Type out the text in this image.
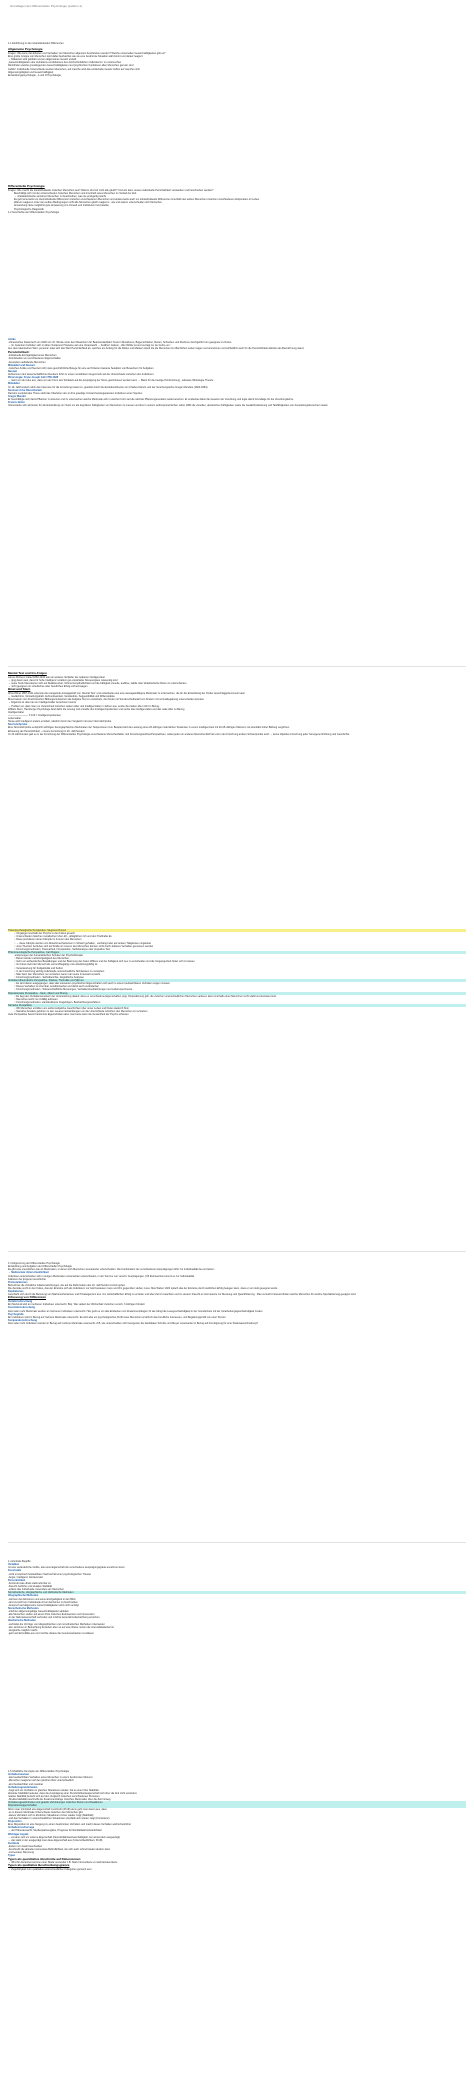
Grundlagen der Differentiellen Psychologie (Lektion 1)
1.1 Einführung in die intraindividuellen Differenzen
Allgemeine Psychologie
Fragen: Wie kann das Erleben und Verhalten von Menschen allgemein beschrieben werden? Welche universellen Gesetzmäßigkeiten gibt es?
Eine große Gruppe von Menschen wird dabei beobachtet wie sie eine bestimmte Situation wahrnimmt und darauf reagiert
→ Mittelwert wird gebildet und ein allgemeines Gesetz erstellt
„Gesetzmäßigkeiten des Verhaltens und Erlebens des durchschnittlichen Individuums“ zu untersuchen
Rückfinden welche grundlegenden Gesetzmäßigkeiten und psychischen Funktionen allen Menschen gemein sind
Gefahr: individuelle Unterschiede werden übersehen, auf manche wird das entwickelte Gesetz treffen auf manche nicht
Allgemeingültigkeit und Gesetzmäßigkeit
Entwicklungspsychologie , A und O Psychologie
Differentielle Psychologie
Fragen: Wie macht die intraindividuelle zwischen Menschen aus? Warum sind wir nicht alle gleich? Und wie kann unsere individuelle Persönlichkeit verstanden und beschrieben werden?
Beschäftigt sich mit den Unterschieden zwischen Menschen und innerhalb eines Menschen im Verlauf der Zeit.
→ charakteristische einzelner Menschen zu beschreiben, was sie einzigartig macht
Es geht einerseits um interindividuelle Differenzen zwischen verschiedenen Menschen und andererseits auch um intraindividuelle Differenzen innerhalb des selben Menschen zwischen verschiedenen Zeitpunkten im Leben.
Warum reagieren unter den selben Bedingungen nicht alle Menschen gleich reagieren , wie und warum unterscheiden sich Menschen
Anwendung: Eine möglichst gute Anpassung von Umwelt und Individuum herzustellen.
Psychologische Diagnostik
1.2 Geschichte der Differentiellen Psychologie
Antike
-chinesisches Kaiserreich um 2200 vor chr. Wurde unter dem Bewerbern für Beamtenlaufbahn Tests in Musizieren, Bogenschießen, Reiten, Schreiben und Rechnen durchgeführt um geeignete zu finden.
→ Im Judentum befinden sich im Alten Testament Hinweise auf eine Vorauswahl → Feldherr Gideon „ Wer Wölde ist und verzagt ist, der kehre um “
Aus dem lateinischen Wort „persona“ leitet sich das Wort Persönlichkeit ab, welches am Anfang für die Rollen und Masken stand die die Menschen im öffentlichen Leben tragen und einnehmen und schließlich auch für die Persönlichkeit dahinter als Bezeichnung stand.
Persönlichkeit:
-Individuelle Einzigartigkeit eines Menschen
-Kombination von verschiedenen Eigenschaften
-besonders auffallende Menschen
Mittelalter und Neuzeit
-zwischen Antike und Neuzeit nicht viele geschichtliche Belege für eine auf Kriterien basierte Selektion von Bewerbern für Aufgaben
Neuzeit
Aufkommen des wissenschaftlichen Denkens führt zu einem verstärktem Augenmerk auf die Unterschiede zwischen den Individuen.
Phrenologie: Franz Joseph Gall 1758-1828
→ Geht von der Idee aus, dass von der Form des Schädels auf die Ausprägung der Sinne geschlossen werden kann → Basis für die heutige Hirnforschung , teilweise Widerlegte Theorie
Mittelalter
Im 19. Jahrhundert nahm das Interesse für die Forschung rasant zu, gestützt durch die Evolutionstheorie von Charles Darwin und der Vererbungslehre Gregor Mendels (1822-1884)
Survival of the fittest-Darwin
Darwins revolutionäre These stellt das Überleben der an ihre jeweilige Umwelt bestangepassten Individuen einer Spezies
Gregor Mendel
Er beschäftigte sich damit Pflanzen zu kreuzen und zu untersuchen welche Merkmale sich in welcher Form auf die nächste Pflanzengeneration weitervererben. Er entdeckte dabei die Gesetze der Vererbung und legte damit Grundlage für die Vererbungslehre.
Francis Gilton
Interessierte sich als Erster für die Entwicklung von Tests um die kognitiven Fähigkeiten von Menschen zu messen und lies in seinem anthropometrischen Labor 1884 die visuellen, akustischen Fähigkeiten sowie die Gedächtnisleistung und Tastfähigkeiten von Ausstellungsbesuchern testen
Mental Test und Iris-Folgen
James McKeen Cattel 1860-1944 war ein weiterer Vorläufer der späteren Intelligenztest
→ ging davon aus, dass für hohe Intelligenz vorallem gut entwickelte Sinnesorgane notwendig sind
→ seine Tests fokussierten sich auf Reaktionszeit, Schmerzempfindlichkeit und die Fähigkeit visuelle, auditive, taktile oder kinästhetische Reize zu unterscheiden
→ nicht geeignet um schulisches oder berufliches Erfolg vorherzusagen
Binet und Stern
Alfred Binet 1857-1911 erkannte die mangelnde Aussagekraft von „Mental Test“ und entwickelte eine eine aussagekräftigere Merkmale zu untersuchen, die für die Entwicklung der Kinder ausschlaggebend sein kann
→ Gedächtnis, Vorstellungskraft, Aufmerksamkeit, Verständnis, Suggestibilität und Willensstärke
Binet bekam vom Französischen Bildungsministerium die Aufgabe Test zu entwickeln, die Kinder mit Sonderschulbedarf von Kindern mit normalbegabung unterscheiden konnten
→ Ergebnis ist das man ein Intelligenzalter berechnen konnte
→ Problem ist, dass man nur Unterschied zwischen realem Alter und Intelligenzalter in Jahren aus, setzte die beiden aber nicht in Bezug.
William Stern, Hamburger Psychologe fand dafür die Lösung und erstellte den Intelligenzquotienten und setzte das Intelligenzalter und das reale Alter zu Bezug
Intelligenzalter
———————— X 100 = Intelligenzquotienten
Lebensalter
Heute wird Intelligenz anders ermittelt, nämlich durch den Vergleich mit einer Normstichprobe
Normstichprobe
Eine Normstichprobe entspricht wichtigen demographischen Merkmalen der Testpersonen zum Beispiel wird die Leistung eines 20-Jährigen männlichen Studenten in einem Intelligenztest mit 20-25-Jährigen Männern mit ebenfalls hoher Bildung verglichen
Erfassung der Persönlichkeit – neuere Forschung im 20. Jahrhundert
Im 20 Jahrhundert gab es in der Forschung der Differentiellen Psychologie verschiedene Menschenbilder und Forschungsströme/Perspektiven, wobei jeder ein anderes Menschenbild hat und in der Forschung andere Schwerpunkte setzt → keine objektive Forschung jeder hat eigene Richtung und Geschichte
Tiefenpsychologische Perspektive- Siegmund Freud
○ Vorgänge innerhalb der Psyche in den Fokus gesetzt
○ Unterschiedet zwischen moralischen Über-Ich-, alltäglichem Ich und den Triebhafte Es
○ Diese postulieren deren Kämpfe im Inneren des Menschen
○ → diese Kämpfe werden von Abwehrmechanismen in Schach gehalten , verdrängt oder auf andere Tätigkeiten umgeleitet
○ Jene Theorien beziehen sich auf Kräfte im Inneren des Menschen können nicht durch äußeres Verhalten gemessen werden
○ Forschungsmethoden: Traumarbeit, Introspektion, Selbstanalyse oder projektive Test
Phänomenologische Perspektive- Carl Rogers
-entsprungen der humanistischen Schulen der Psychotherapie
○ Betont würde und Einzigartigkeit des Menschen
○ Geht um authentisches Bewältungen und der Betonung des freien Willens und der Fähigkeit sich neu zu entscheiden und die Vergangenheit hinter sich zu lassen
○ Im Fokus steht der Mensch als vernunftbegabig und entwicklungsfähig ist
○ Verantwortung für Subjektivität und Selbst
○ In der Forschung wichtig individuelle unterschiedliche Sichtweisen zu verstehen
○ Man kann den Menschen nur verstehen wenn man seine Innenwelt versteht
○ Forschungsmethoden : Selbstberichte, biografische Analysen
Verhaltenstheoretische Perspektive- Pawlow, Thorndike und Skinner
○ Es wird davon ausgegangen, dass alle relevanten psychischen Eigenschaften sich auch in einem beobachtbaren Verhalten zeigen müssen
○ Dieses Verhalten ist erlernbar, konditionierbar und damit auch veränderbar
○ Forschungsmethoden : Wissenschaftliche Messungen, Verhaltensbeobachtungen und Laborexperimente
Dispositionelle Perspektive - Stern, Allport und Murray
○ Es liegt den Verhaltensmustern der Unterstützung darauf, dass es verschiedene Eigenschaften (sog. Dispositionen) gibt, die zwischen unterschiedlichen Menschen variieren aber innerhalb eines Menschen recht stabil und konstant sind.
○ Menschen leicht nur zufällig auftreten
○ Forschungsmethoden: standardisierte Fragebögen, Beobachtungsverfahren
Narrative Perspektive
○ Wir Menschen erzählen uns selbst subjektive Geschichten über unser Leben und finden dadurch Sinn
○ Narrative Ansätze gehören zu den neueren Entwicklungen um die Unterschiede zwischen den Menschen zu verstehen
Jede Perspektive betont bestimmte Eigenschaften aber man keine kann die Gesamtheit der Psyche erfassen
1.3 Abgrenzung der Differentiellen Psychologie
Entwicklung und Aufgaben der Differentiellen Psychologie
Es gibt eine unendliche Liste an Merkmalen, in denen sich Menschen voneinander unterscheiden. Die Kombination der verschiedenen Ausprägungen führt zur Individualität des einzelnen.
→ Multivariate Unterschiedlichkeit
Individuen unterscheiden sich in einigen Merkmalen voneinander unterscheiden, in der Summe von verschi. Ausprägungen (z.B Extraversion kommt es zur Individualität
Faktoren der jüngeren Geschichte
Protestantismus
Bezeichnet die christliche Glaubensrichtungen, die auf die Reformation des 16. Jahrhundert zurück gehen
Die Zentrale sucht in den Fokus, das der Einzelne sich als Individuum vor Gott bewiesen muss und ihm gegenüber stehen muss. Max Weber 1922 sprach das der Einzelne durch weltlichen Erfolg belegen kann, dass er von Gott gesegnet wurde
Kapitalismus
Geschieht sich durch die Betonung von Marktmechanismen und Privateigentum aus. Um wirtschaftlichen Erfolg zu erzielen und aber Zeit zu beachten und zu steuern braucht es Instrumente zur Messung und Quantifizierung . Man versucht herauszufinden welche Menschen für welche Spezialisierung geeignet sind.
Erfassung von Differenzen
Variationsforschung
Ein Merkmal wird an mehreren Individuen untersucht. Bsp. Wie variiert der Wortschatz zwischen versch. 3 Jährigen Kindern
Korrelationsforschung
Zwei oder mehr Merkmale werden an mehreren Individuen untersucht. Hier geht es um das Entdecken von Zusammenhängen zb wie hängt die Lesegeschwindigkeit in der Grundschule mit der Verarbeitungsgeschwindigkeit zusam.
Psychografie
Ein Individuum wird in Bezug auf mehrere Merkmale untersucht. Es wird also ein psychologisches Profil eines Menschen erstellt zb das berufliche Interessen- und Begabungsprofil von einer Person
Komparationsforschung
Zwei oder mehr Individuen werden in Bezug auf mehrere Merkmale untersucht. Z.B. wie unterscheiden sich bezogenen die kandidaten Schulze und Meyer voneinander in Bezug auf ihre Eignung für eine Stellenausschreibung?
1.4 Zentrale Begriffe
Variablen
Ist eine veränderliche Größe, also eine Eigenschaft die verschiedene Ausprägungsgrade annehmen kann
Konstrukte
-nicht emmpirisch feststellbarer Sachverhalt einer psychologischen Theorie
-Angst, Intelligenz, Extraversion
Persönlichkeit
-Konstrukt was direkt wahrnehmbar ist
-braucht zeitliche und situative Stabilität
-erfasst das Individuelle, besondere am Menschen
Nomothetische, idiographische und idiothetische Methoden
Idiographische Methoden
-nehmen den Einzelnen und seine Einzigartigkeit in den Blick
-wird versucht ein Individuelle Art ein Einzelnen zu beschreiben
-Anspruch auf allgemeine Gesetzmäßigkeiten wird nicht verfolgt
Nomothetische Methoden
-möchten allgemeingültige Gesetzmäßigkeiten ableiten
-alle Menschen stellen auf einem Pole zwischen Extraversion und Introversion
-in der Naturwissenschaft verbreitet und möchte keine Einzelbetrachtung erreichen
Idiothetische Methoden
-verbindet die Vorzüge von idiographischen und nomothetischen Methoden miteinander
-den einzelnen in Betrachtung beziehen aber so auf eine Weise nutzen die intervallskalierbar ist
-Vergleiche möglich macht
-geht auf Einzelfälle aus und möchte daraus die Gemeinsamkeiten resultieren
1.5 Inhaltliche Konzepte der Differentiellen Psychologie
Verhaltensweisen
-das beobachtbare Verhalten eines Menschen in einem bestimmten Moment
-Menschen reagieren auf den gleichen Reiz unterschiedlich
-sind beobachtbar und messbar
Verhaltensgewohnheiten
-zeigt sich ein Verhalten in gleichen Situationen wieder, hat es eine hohe Stabilität
absolute Stabilität bedeutet, dass die Ausprägung einer Persönlichkeitseigenschaft sich über die Zeit nicht verändert.
relative Stabilität bezieht sich auf den Vergleich zwischen verschiedenen Personen
-Strukturstabilität beschreibt die Zusammenhänge zwischen Merkmalen über die Zeit hinweg
Verhaltensgewohnheiten und geteilte Verbindungen zwischen Reizen und Reaktionen
Dispositionseigenschaften
Wenn man prinzipiell eine Eigenschaft zuschreibt (Profil) denn geht man davon aus, dass
-es in diesem Merkmale Unterschiede zwischen den Menschen gibt
-dieses Verhalten sich in ähnlichen Situationen immer wieder zeigt (Stabilität)
-und das Verhalten in unterschiedlichen Situationen ebenfalls sich wieder zeigt (Konsistenz)
Disposition
Eine Disposition ist eine Neigung zu einem bestimmten Verhalten und macht dieses Verhalten wahrscheinlicher
Verhaltensvorhersage
→ der Pläneraussicht, Studienplatzvergabe, Prognose für Rückfallwahrscheinlichkeit
Wichtiger Aspekt
→ es kann sich um externe Eigenschaft (Neurotizität/Gewissenhaftigkeit, bei anmendem ausgeprägt)
→ wie stark in der ausgeprägt man diese Eigenschaft aus (Unterschiedlichkeit, Profil)
Zustände
-ändern von Geist beschreiben
-beschreibt die aktuelle momentane Befindlichkeit, die sich auch schnell wieder ändern kann
-momentane Stimmung
Typen
Typen als quantitative Abschnitte auf Dimensionen
→ Wird für die Extremsumme einer Skala verwendet z.B. Stark Introvertierte vs stark Extravertierte
Typen als qualitative Beschreibungsgrenze
→ Zugehörigkeit zum qualitative unterschiedlichen Kategorien gemeint sein
